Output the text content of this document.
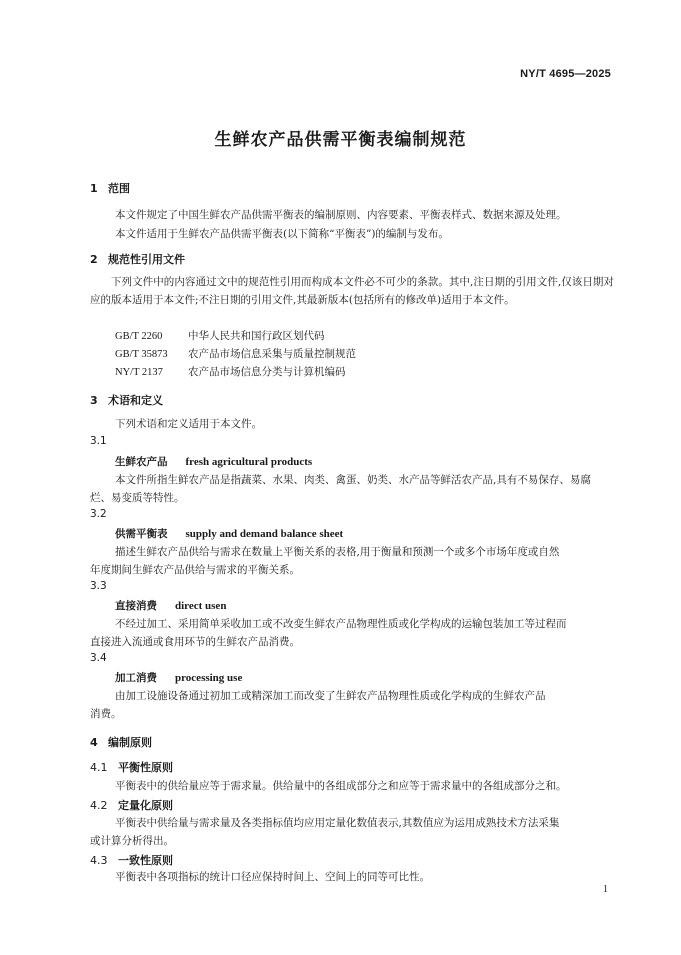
NY/T 4695—2025
生鲜农产品供需平衡表编制规范
1 范围
本文件规定了中国生鲜农产品供需平衡表的编制原则、内容要素、平衡表样式、数据来源及处理。
本文件适用于生鲜农产品供需平衡表(以下简称“平衡表”)的编制与发布。
2 规范性引用文件
下列文件中的内容通过文中的规范性引用而构成本文件必不可少的条款。其中,注日期的引用文件,仅该日期对应的版本适用于本文件;不注日期的引用文件,其最新版本(包括所有的修改单)适用于本文件。
GB/T 2260 中华人民共和国行政区划代码
GB/T 35873 农产品市场信息采集与质量控制规范
NY/T 2137 农产品市场信息分类与计算机编码
3 术语和定义
下列术语和定义适用于本文件。
3.1
生鲜农产品 fresh agricultural products
本文件所指生鲜农产品是指蔬菜、水果、肉类、禽蛋、奶类、水产品等鲜活农产品,具有不易保存、易腐
烂、易变质等特性。
3.2
供需平衡表 supply and demand balance sheet
描述生鲜农产品供给与需求在数量上平衡关系的表格,用于衡量和预测一个或多个市场年度或自然
年度期间生鲜农产品供给与需求的平衡关系。
3.3
直接消费 direct usen
不经过加工、采用简单采收加工或不改变生鲜农产品物理性质或化学构成的运输包装加工等过程而
直接进入流通或食用环节的生鲜农产品消费。
3.4
加工消费 processing use
由加工设施设备通过初加工或精深加工而改变了生鲜农产品物理性质或化学构成的生鲜农产品
消费。
4 编制原则
4.1 平衡性原则
平衡表中的供给量应等于需求量。供给量中的各组成部分之和应等于需求量中的各组成部分之和。
4.2 定量化原则
平衡表中供给量与需求量及各类指标值均应用定量化数值表示,其数值应为运用成熟技术方法采集
或计算分析得出。
4.3 一致性原则
平衡表中各项指标的统计口径应保持时间上、空间上的同等可比性。
1
